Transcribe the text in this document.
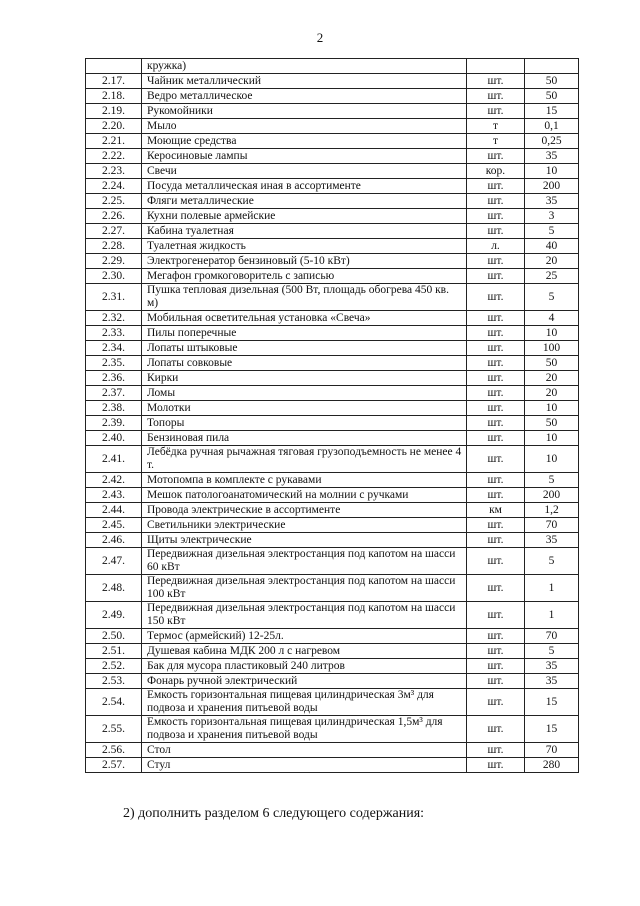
2
	кружка)		
2.17.	Чайник металлический	шт.	50
2.18.	Ведро металлическое	шт.	50
2.19.	Рукомойники	шт.	15
2.20.	Мыло	т	0,1
2.21.	Моющие средства	т	0,25
2.22.	Керосиновые лампы	шт.	35
2.23.	Свечи	кор.	10
2.24.	Посуда металлическая иная в ассортименте	шт.	200
2.25.	Фляги металлические	шт.	35
2.26.	Кухни полевые армейские	шт.	3
2.27.	Кабина туалетная	шт.	5
2.28.	Туалетная жидкость	л.	40
2.29.	Электрогенератор бензиновый (5-10 кВт)	шт.	20
2.30.	Мегафон громкоговоритель с записью	шт.	25
2.31.	Пушка тепловая дизельная (500 Вт, площадь обогрева 450 кв. м)	шт.	5
2.32.	Мобильная осветительная установка «Свеча»	шт.	4
2.33.	Пилы поперечные	шт.	10
2.34.	Лопаты штыковые	шт.	100
2.35.	Лопаты совковые	шт.	50
2.36.	Кирки	шт.	20
2.37.	Ломы	шт.	20
2.38.	Молотки	шт.	10
2.39.	Топоры	шт.	50
2.40.	Бензиновая пила	шт.	10
2.41.	Лебёдка ручная рычажная тяговая грузоподъемность не менее 4 т.	шт.	10
2.42.	Мотопомпа в комплекте с рукавами	шт.	5
2.43.	Мешок патологоанатомический на молнии с ручками	шт.	200
2.44.	Провода электрические в ассортименте	км	1,2
2.45.	Светильники электрические	шт.	70
2.46.	Щиты электрические	шт.	35
2.47.	Передвижная дизельная электростанция под капотом на шасси 60 кВт	шт.	5
2.48.	Передвижная дизельная электростанция под капотом на шасси 100 кВт	шт.	1
2.49.	Передвижная дизельная электростанция под капотом на шасси 150 кВт	шт.	1
2.50.	Термос (армейский) 12-25л.	шт.	70
2.51.	Душевая кабина МДК 200 л с нагревом	шт.	5
2.52.	Бак для мусора пластиковый 240 литров	шт.	35
2.53.	Фонарь ручной электрический	шт.	35
2.54.	Емкость горизонтальная пищевая цилиндрическая 3м³ для подвоза и хранения питьевой воды	шт.	15
2.55.	Емкость горизонтальная пищевая цилиндрическая 1,5м³ для подвоза и хранения питьевой воды	шт.	15
2.56.	Стол	шт.	70
2.57.	Стул	шт.	280
2) дополнить разделом 6 следующего содержания:
